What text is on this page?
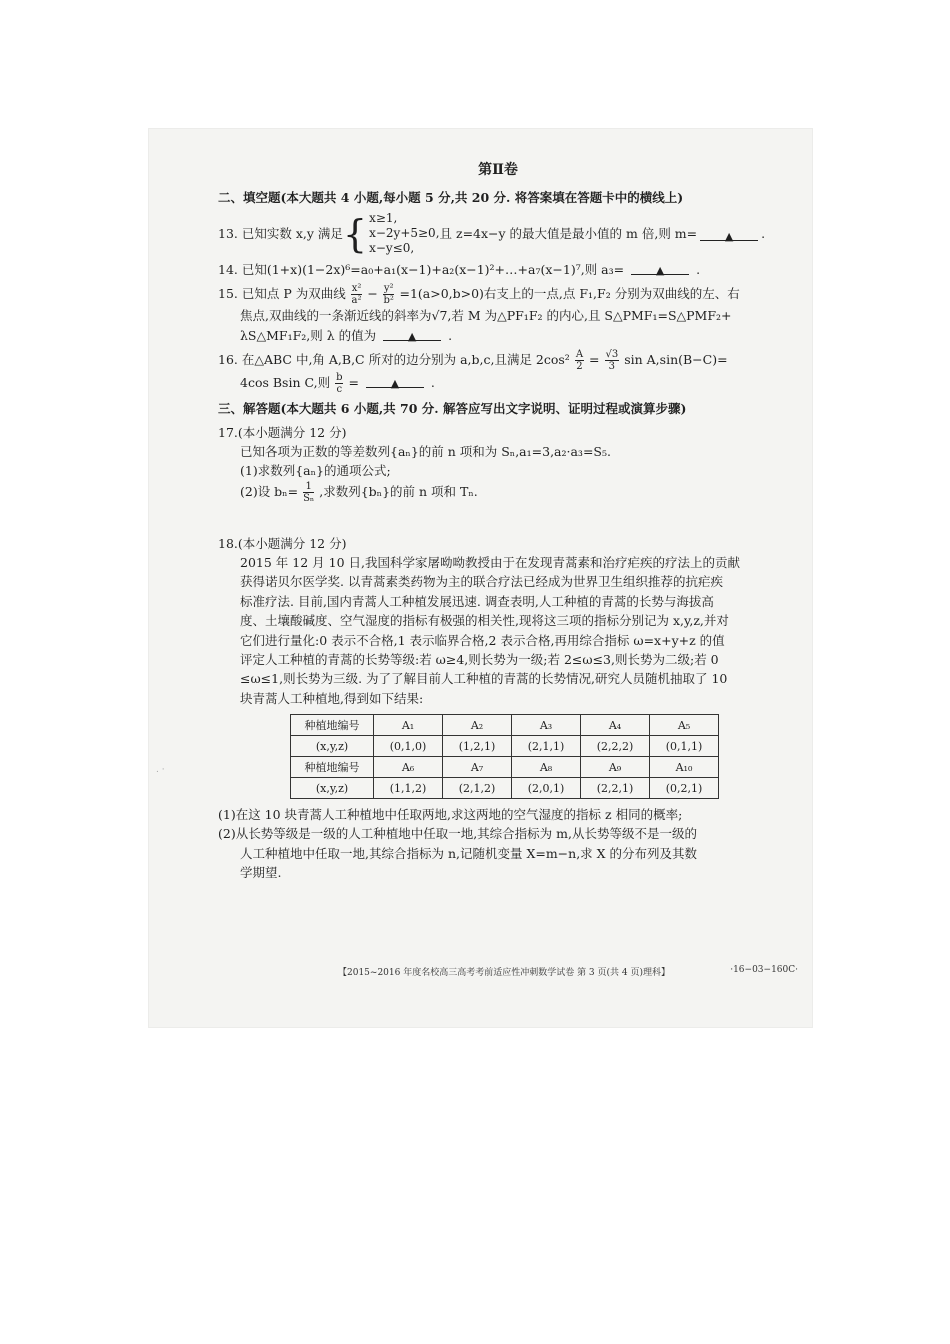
. ·
第Ⅱ卷
二、填空题(本大题共 4 小题,每小题 5 分,共 20 分. 将答案填在答题卡中的横线上)
13. 已知实数 x,y 满足 { x≥1,
x−2y+5≥0,
x−y≤0,
且 z=4x−y 的最大值是最小值的 m 倍,则 m=	▲	.
14. 已知(1+x)(1−2x)⁶=a₀+a₁(x−1)+a₂(x−1)²+…+a₇(x−1)⁷,则 a₃=	▲	.
15. 已知点 P 为双曲线 $\frac{\text{x²}}{\text{a²}} - \frac{\text{y²}}{\text{b²}} =1(a>0,b>0)$右支上的一点,点 F₁,F₂ 分别为双曲线的左、右
焦点,双曲线的一条渐近线的斜率为√7,若 M 为△PF₁F₂ 的内心,且 S△PMF₁=S△PMF₂+
λS△MF₁F₂,则 λ 的值为	▲	.
16. 在△ABC 中,角 A,B,C 所对的边分别为 a,b,c,且满足 $2\cos^2 \frac{A}{2} = \frac{√3}{3}$ sin A,sin(B−C)=
4cos Bsin C,则 $\frac{b}{c}$ =	▲	.
三、解答题(本大题共 6 小题,共 70 分. 解答应写出文字说明、证明过程或演算步骤)
17.(本小题满分 12 分)
已知各项为正数的等差数列{aₙ}的前 n 项和为 Sₙ,a₁=3,a₂·a₃=S₅.
(1)求数列{aₙ}的通项公式;
(2)设 $b_n= \frac{1}{\text{Sₙ}}$ ,求数列{bₙ}的前 n 项和 Tₙ.
18.(本小题满分 12 分)
2015 年 12 月 10 日,我国科学家屠呦呦教授由于在发现青蒿素和治疗疟疾的疗法上的贡献
获得诺贝尔医学奖. 以青蒿素类药物为主的联合疗法已经成为世界卫生组织推荐的抗疟疾
标准疗法. 目前,国内青蒿人工种植发展迅速. 调查表明,人工种植的青蒿的长势与海拔高
度、土壤酸碱度、空气湿度的指标有极强的相关性,现将这三项的指标分别记为 x,y,z,并对
它们进行量化:0 表示不合格,1 表示临界合格,2 表示合格,再用综合指标 ω=x+y+z 的值
评定人工种植的青蒿的长势等级:若 ω≥4,则长势为一级;若 2≤ω≤3,则长势为二级;若 0
≤ω≤1,则长势为三级. 为了了解目前人工种植的青蒿的长势情况,研究人员随机抽取了 10
块青蒿人工种植地,得到如下结果:
种植地编号	A₁	A₂	A₃	A₄	A₅
(x,y,z)	(0,1,0)	(1,2,1)	(2,1,1)	(2,2,2)	(0,1,1)
种植地编号	A₆	A₇	A₈	A₉	A₁₀
(x,y,z)	(1,1,2)	(2,1,2)	(2,0,1)	(2,2,1)	(0,2,1)
(1)在这 10 块青蒿人工种植地中任取两地,求这两地的空气湿度的指标 z 相同的概率;
(2)从长势等级是一级的人工种植地中任取一地,其综合指标为 m,从长势等级不是一级的
人工种植地中任取一地,其综合指标为 n,记随机变量 X=m−n,求 X 的分布列及其数
学期望.
【2015~2016 年度名校高三高考考前适应性冲刺数学试卷 第 3 页(共 4 页)理科】	·16−03−160C·
